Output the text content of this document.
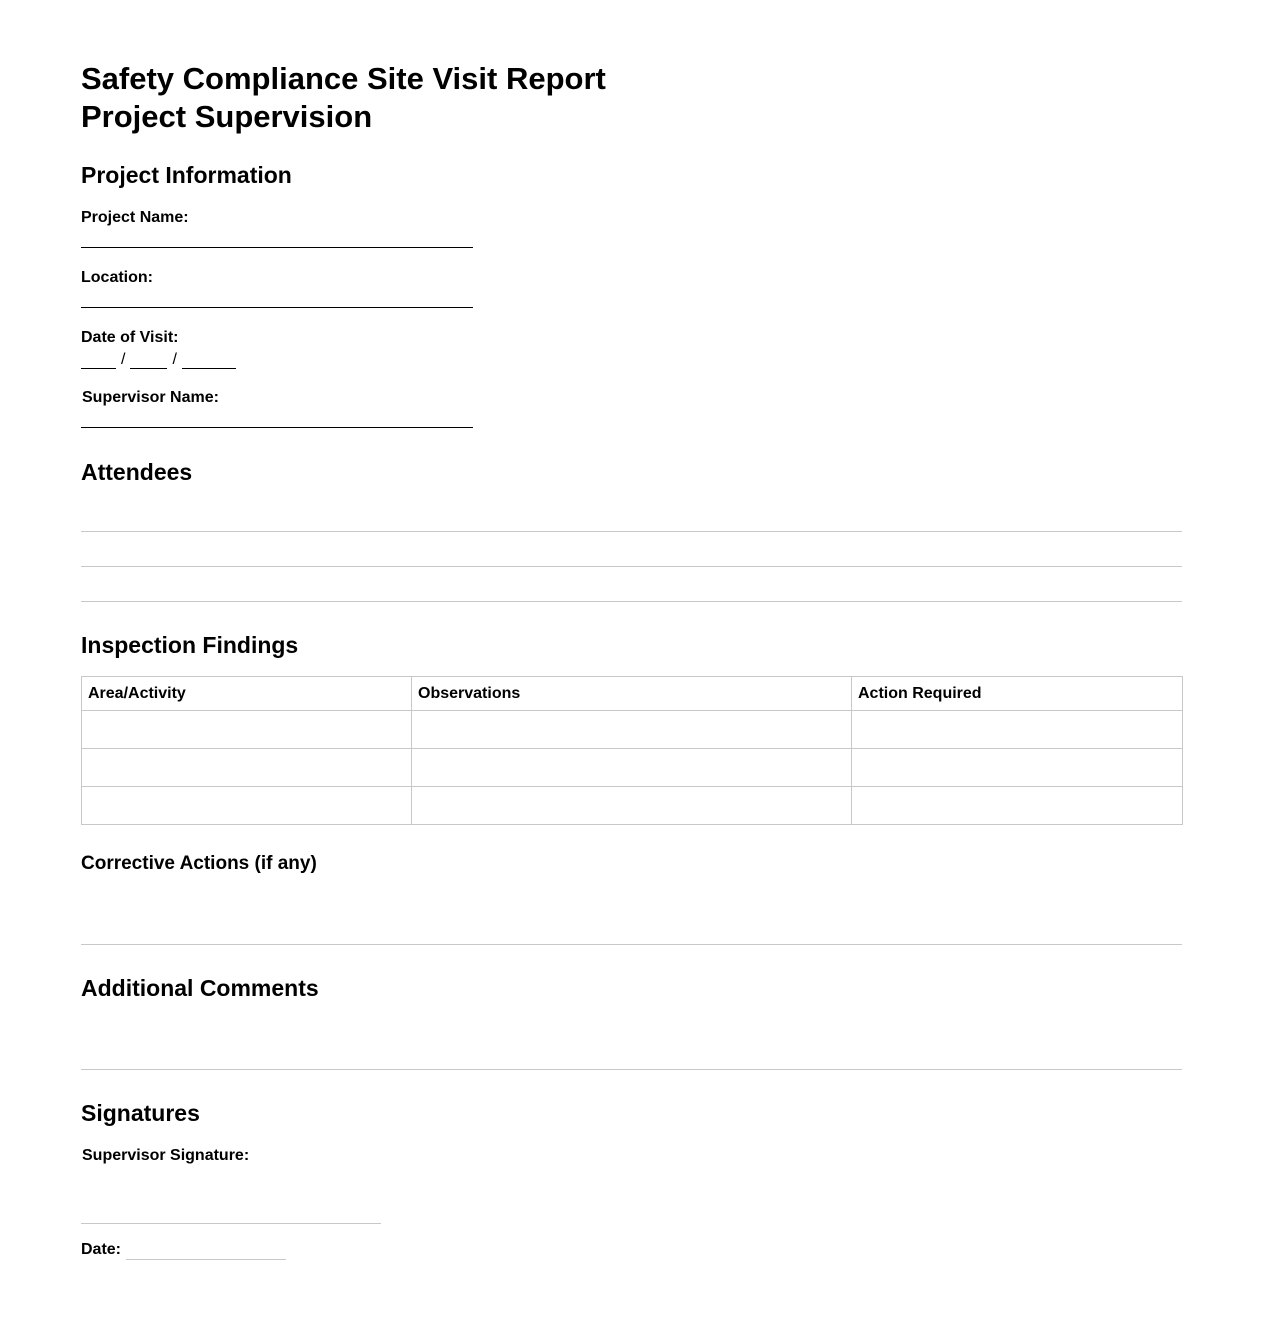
Safety Compliance Site Visit Report
Project Supervision
Project Information
Project Name:
Location:
Date of Visit:
/	/
Supervisor Name:
Attendees
Inspection Findings
Area/Activity	Observations	Action Required

Corrective Actions (if any)
Additional Comments
Signatures
Supervisor Signature:
Date:
